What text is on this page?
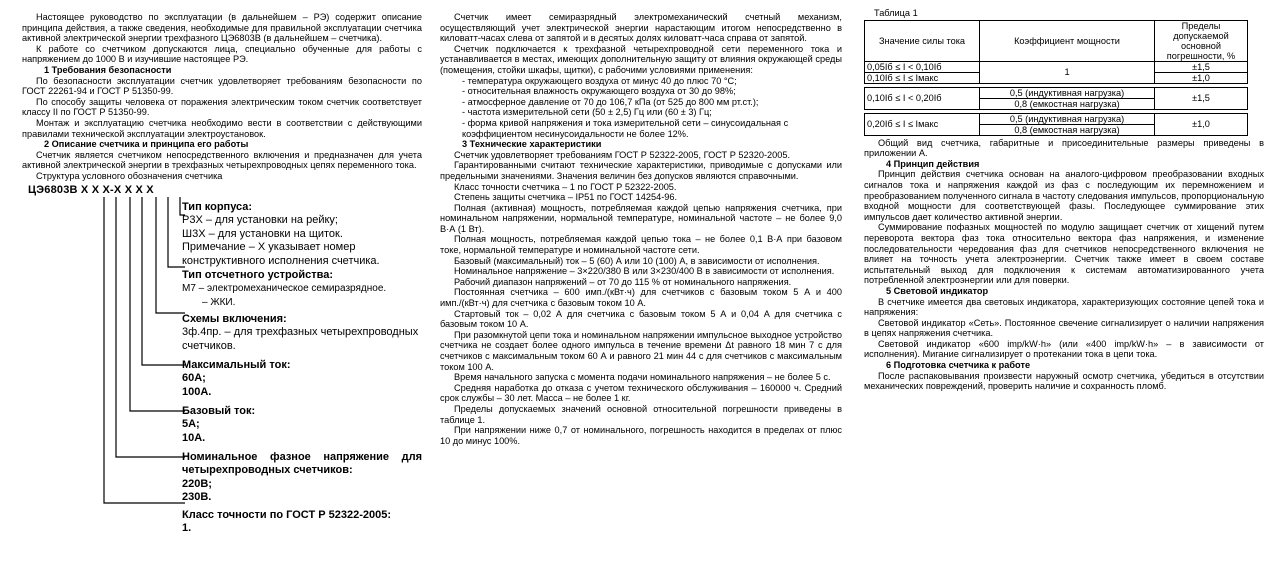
Настоящее руководство по эксплуатации (в дальнейшем – РЭ) содержит описание принципа действия, а также сведения, необходимые для правильной эксплуатации счетчика активной электрической энергии трехфазного ЦЭ6803В (в дальнейшем – счетчика).

К работе со счетчиком допускаются лица, специально обученные для работы с напряжением до 1000 В и изучившие настоящее РЭ.

1 Требования безопасности

По безопасности эксплуатации счетчик удовлетворяет требованиям безопасности по ГОСТ 22261-94 и ГОСТ Р 51350-99.

По способу защиты человека от поражения электрическим током счетчик соответствует классу II по ГОСТ Р 51350-99.

Монтаж и эксплуатацию счетчика необходимо вести в соответствии с действующими правилами технической эксплуатации электроустановок.

2 Описание счетчика и принципа его работы

Счетчик является счетчиком непосредственного включения и предназначен для учета активной электрической энергии в трехфазных четырехпроводных цепях переменного тока.

Структура условного обозначения счетчика

ЦЭ6803В Х Х Х-Х Х Х Х
Тип корпуса:
Р3Х – для установки на рейку;
Ш3Х – для установки на щиток.
Примечание – Х указывает номер конструктивного исполнения счетчика.
Тип отсчетного устройства:
М7 – электромеханическое семиразрядное.
– ЖКИ.
Схемы включения:
3ф.4пр. – для трехфазных четырехпроводных счетчиков.
Максимальный ток:
60А;
100А.
Базовый ток:
5А;
10А.
Номинальное фазное напряжение для четырехпроводных счетчиков:
220В;
230В.
Класс точности по ГОСТ Р 52322-2005:
1.

Счетчик имеет семиразрядный электромеханический счетный механизм, осуществляющий учет электрической энергии нарастающим итогом непосредственно в киловатт-часах слева от запятой и в десятых долях киловатт-часа справа от запятой.

Счетчик подключается к трехфазной четырехпроводной сети переменного тока и устанавливается в местах, имеющих дополнительную защиту от влияния окружающей среды (помещения, стойки шкафы, щитки), с рабочими условиями применения:

- температура окружающего воздуха от минус 40 до плюс 70 °С;
- относительная влажность окружающего воздуха от 30 до 98%;
- атмосферное давление от 70 до 106,7 кПа (от 525 до 800 мм рт.ст.);
- частота измерительной сети (50 ± 2,5) Гц или (60 ± 3) Гц;
- форма кривой напряжения и тока измерительной сети – синусоидальная с коэффициентом несинусоидальности не более 12%.
3 Технические характеристики

Счетчик удовлетворяет требованиям ГОСТ Р 52322-2005, ГОСТ Р 52320-2005.

Гарантированными считают технические характеристики, приводимые с допусками или предельными значениями. Значения величин без допусков являются справочными.

Класс точности счетчика – 1 по ГОСТ Р 52322-2005.

Степень защиты счетчика – IP51 по ГОСТ 14254-96.

Полная (активная) мощность, потребляемая каждой цепью напряжения счетчика, при номинальном напряжении, нормальной температуре, номинальной частоте – не более 9,0 В·А (1 Вт).

Полная мощность, потребляемая каждой цепью тока – не более 0,1 В·А при базовом токе, нормальной температуре и номинальной частоте сети.

Базовый (максимальный) ток – 5 (60) А или 10 (100) А, в зависимости от исполнения.

Номинальное напряжение – 3×220/380 В или 3×230/400 В в зависимости от исполнения.

Рабочий диапазон напряжений – от 70 до 115 % от номинального напряжения.

Постоянная счетчика – 600 имп./(кВт·ч) для счетчиков с базовым током 5 А и 400 имп./(кВт·ч) для счетчика с базовым током 10 А.

Стартовый ток – 0,02 А для счетчика с базовым током 5 А и 0,04 А для счетчика с базовым током 10 А.

При разомкнутой цепи тока и номинальном напряжении импульсное выходное устройство счетчика не создает более одного импульса в течение времени Δt равного 18 мин 7 с для счетчиков с максимальным током 60 А и равного 21 мин 44 с для счетчиков с максимальным током 100 А.

Время начального запуска с момента подачи номинального напряжения – не более 5 с.

Средняя наработка до отказа с учетом технического обслуживания – 160000 ч. Средний срок службы – 30 лет. Масса – не более 1 кг.

Пределы допускаемых значений основной относительной погрешности приведены в таблице 1.

При напряжении ниже 0,7 от номинального, погрешность находится в пределах от плюс 10 до минус 100%.

Таблица 1
Значение силы тока	Коэффициент мощности	Пределы допускаемой основной погрешности, %
0,05Iб ≤ I < 0,10Iб	1	±1,5
0,10Iб ≤ I ≤ Iмакс		±1,0

0,10Iб ≤ I < 0,20Iб	0,5 (индуктивная нагрузка)	±1,5
	0,8 (емкостная нагрузка)	

0,20Iб ≤ I ≤ Iмакс	0,5 (индуктивная нагрузка)	±1,0
	0,8 (емкостная нагрузка)	

Общий вид счетчика, габаритные и присоединительные размеры приведены в приложении А.

4 Принцип действия

Принцип действия счетчика основан на аналого-цифровом преобразовании входных сигналов тока и напряжения каждой из фаз с последующим их перемножением и преобразованием полученного сигнала в частоту следования импульсов, пропорциональную входной мощности для соответствующей фазы. Последующее суммирование этих импульсов дает количество активной энергии.

Суммирование пофазных мощностей по модулю защищает счетчик от хищений путем переворота вектора фаз тока относительно вектора фаз напряжения, и изменение последовательности чередования фаз для счетчиков непосредственного включения не влияет на точность учета электроэнергии. Счетчик также имеет в своем составе испытательный выход для подключения к системам автоматизированного учета потребленной электроэнергии или для поверки.

5 Световой индикатор

В счетчике имеется два световых индикатора, характеризующих состояние цепей тока и напряжения:

Световой индикатор «Сеть». Постоянное свечение сигнализирует о наличии напряжения в цепях напряжения счетчика.

Световой индикатор «600 imp/kW·h» (или «400 imp/kW·h» – в зависимости от исполнения). Мигание сигнализирует о протекании тока в цепи тока.

6 Подготовка счетчика к работе

После распаковывания произвести наружный осмотр счетчика, убедиться в отсутствии механических повреждений, проверить наличие и сохранность пломб.
